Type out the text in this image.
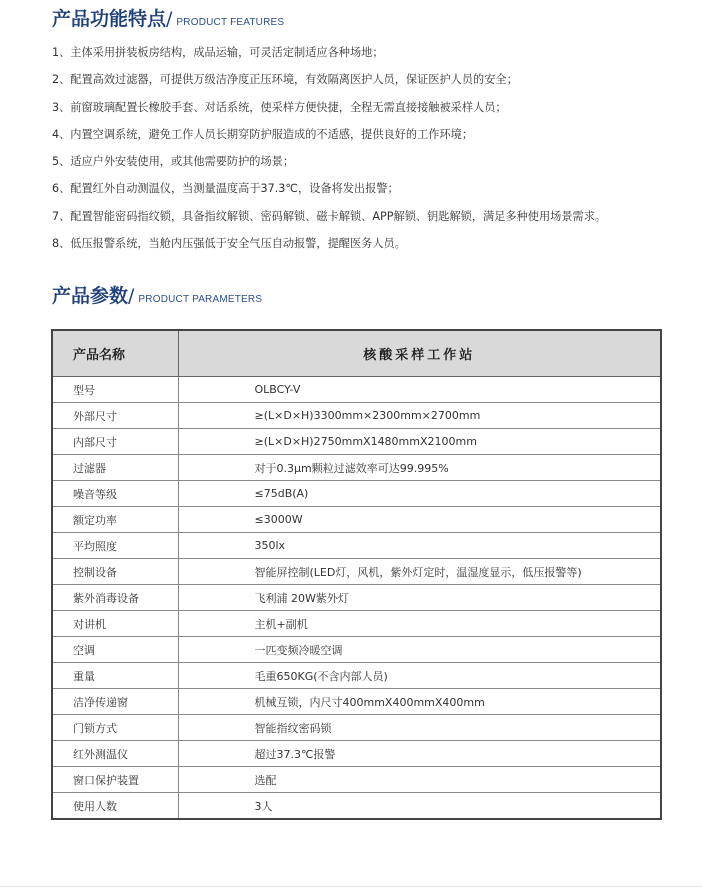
产品功能特点 / PRODUCT FEATURES
1、主体采用拼装板房结构，成品运输，可灵活定制适应各种场地；
2、配置高效过滤器，可提供万级洁净度正压环境，有效隔离医护人员，保证医护人员的安全；
3、前窗玻璃配置长橡胶手套、对话系统，使采样方便快捷，全程无需直接接触被采样人员；
4、内置空调系统，避免工作人员长期穿防护服造成的不适感，提供良好的工作环境；
5、适应户外安装使用，或其他需要防护的场景；
6、配置红外自动测温仪，当测量温度高于37.3℃，设备将发出报警；
7、配置智能密码指纹锁，具备指纹解锁、密码解锁、磁卡解锁、APP解锁、钥匙解锁，满足多种使用场景需求。
8、低压报警系统，当舱内压强低于安全气压自动报警，提醒医务人员。
产品参数 / PRODUCT PARAMETERS
产品名称	核酸采样工作站
型号	OLBCY-V
外部尺寸	≥(L×D×H)3300mm×2300mm×2700mm
内部尺寸	≥(L×D×H)2750mmX1480mmX2100mm
过滤器	对于0.3μm颗粒过滤效率可达99.995%
噪音等级	≤75dB(A)
额定功率	≤3000W
平均照度	350lx
控制设备	智能屏控制(LED灯，风机，紫外灯定时，温湿度显示，低压报警等)
紫外消毒设备	飞利浦 20W紫外灯
对讲机	主机+副机
空调	一匹变频冷暖空调
重量	毛重650KG(不含内部人员)
洁净传递窗	机械互锁，内尺寸400mmX400mmX400mm
门锁方式	智能指纹密码锁
红外测温仪	超过37.3℃报警
窗口保护装置	选配
使用人数	3人
